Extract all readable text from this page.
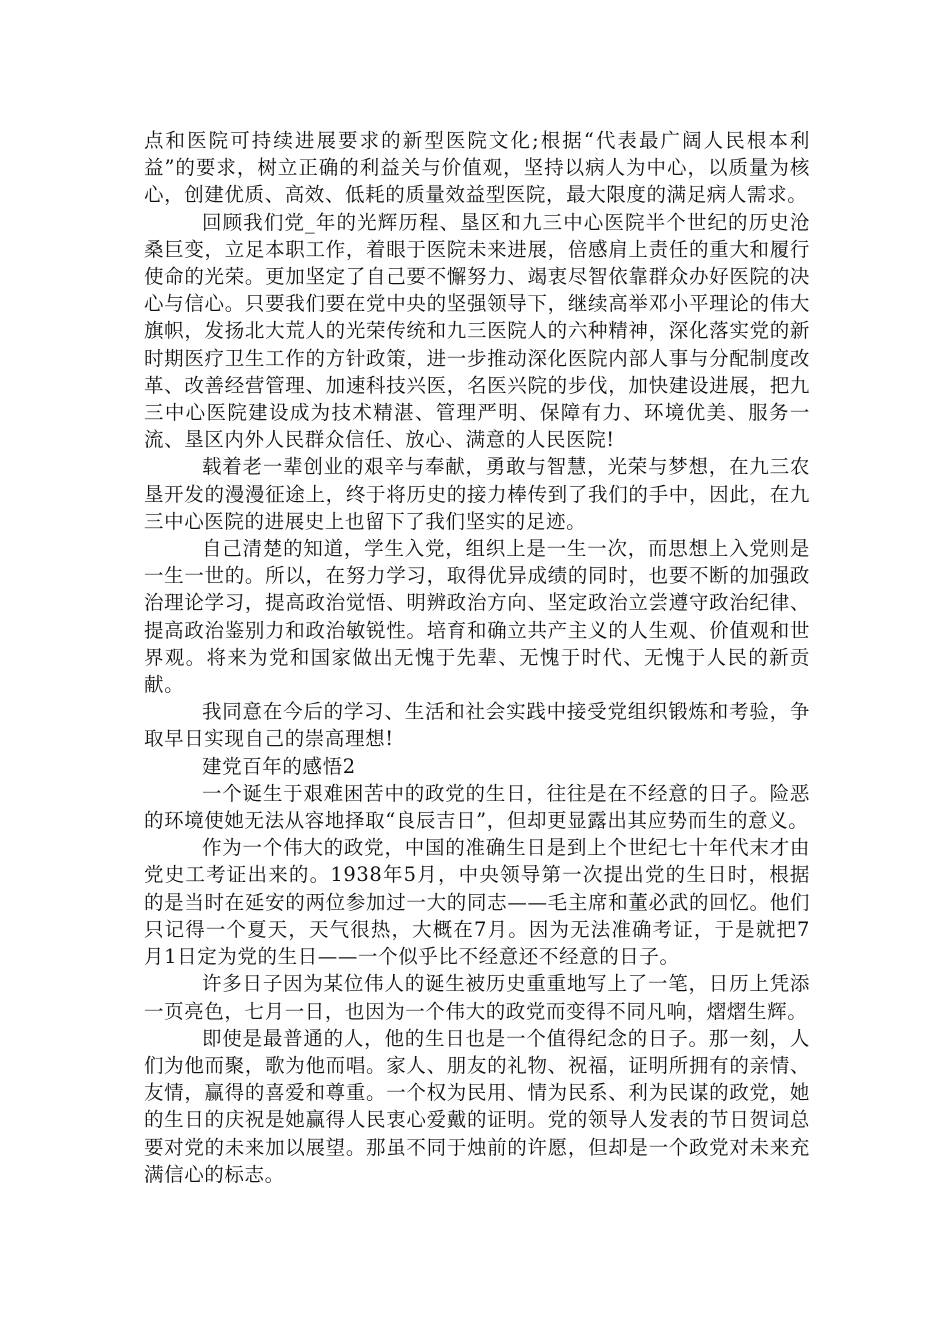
点和医院可持续进展要求的新型医院文化;根据“代表最广阔人民根本利益”的要求，树立正确的利益关与价值观，坚持以病人为中心，以质量为核心，创建优质、高效、低耗的质量效益型医院，最大限度的满足病人需求。

回顾我们党_年的光辉历程、垦区和九三中心医院半个世纪的历史沧桑巨变，立足本职工作，着眼于医院未来进展，倍感肩上责任的重大和履行使命的光荣。更加坚定了自己要不懈努力、竭衷尽智依靠群众办好医院的决心与信心。只要我们要在党中央的坚强领导下，继续高举邓小平理论的伟大旗帜，发扬北大荒人的光荣传统和九三医院人的六种精神，深化落实党的新时期医疗卫生工作的方针政策，进一步推动深化医院内部人事与分配制度改革、改善经营管理、加速科技兴医，名医兴院的步伐，加快建设进展，把九三中心医院建设成为技术精湛、管理严明、保障有力、环境优美、服务一流、垦区内外人民群众信任、放心、满意的人民医院!

载着老一辈创业的艰辛与奉献，勇敢与智慧，光荣与梦想，在九三农垦开发的漫漫征途上，终于将历史的接力棒传到了我们的手中，因此，在九三中心医院的进展史上也留下了我们坚实的足迹。

自己清楚的知道，学生入党，组织上是一生一次，而思想上入党则是一生一世的。所以，在努力学习，取得优异成绩的同时，也要不断的加强政治理论学习，提高政治觉悟、明辨政治方向、坚定政治立尝遵守政治纪律、提高政治鉴别力和政治敏锐性。培育和确立共产主义的人生观、价值观和世界观。将来为党和国家做出无愧于先辈、无愧于时代、无愧于人民的新贡献。

我同意在今后的学习、生活和社会实践中接受党组织锻炼和考验，争取早日实现自己的崇高理想!

建党百年的感悟2

一个诞生于艰难困苦中的政党的生日，往往是在不经意的日子。险恶的环境使她无法从容地择取“良辰吉日”，但却更显露出其应势而生的意义。

作为一个伟大的政党，中国的准确生日是到上个世纪七十年代末才由党史工考证出来的。1938年5月，中央领导第一次提出党的生日时，根据的是当时在延安的两位参加过一大的同志——毛主席和董必武的回忆。他们只记得一个夏天，天气很热，大概在7月。因为无法准确考证，于是就把7月1日定为党的生日——一个似乎比不经意还不经意的日子。

许多日子因为某位伟人的诞生被历史重重地写上了一笔，日历上凭添一页亮色，七月一日，也因为一个伟大的政党而变得不同凡响，熠熠生辉。

即使是最普通的人，他的生日也是一个值得纪念的日子。那一刻，人们为他而聚，歌为他而唱。家人、朋友的礼物、祝福，证明所拥有的亲情、友情，赢得的喜爱和尊重。一个权为民用、情为民系、利为民谋的政党，她的生日的庆祝是她赢得人民衷心爱戴的证明。党的领导人发表的节日贺词总要对党的未来加以展望。那虽不同于烛前的许愿，但却是一个政党对未来充满信心的标志。
